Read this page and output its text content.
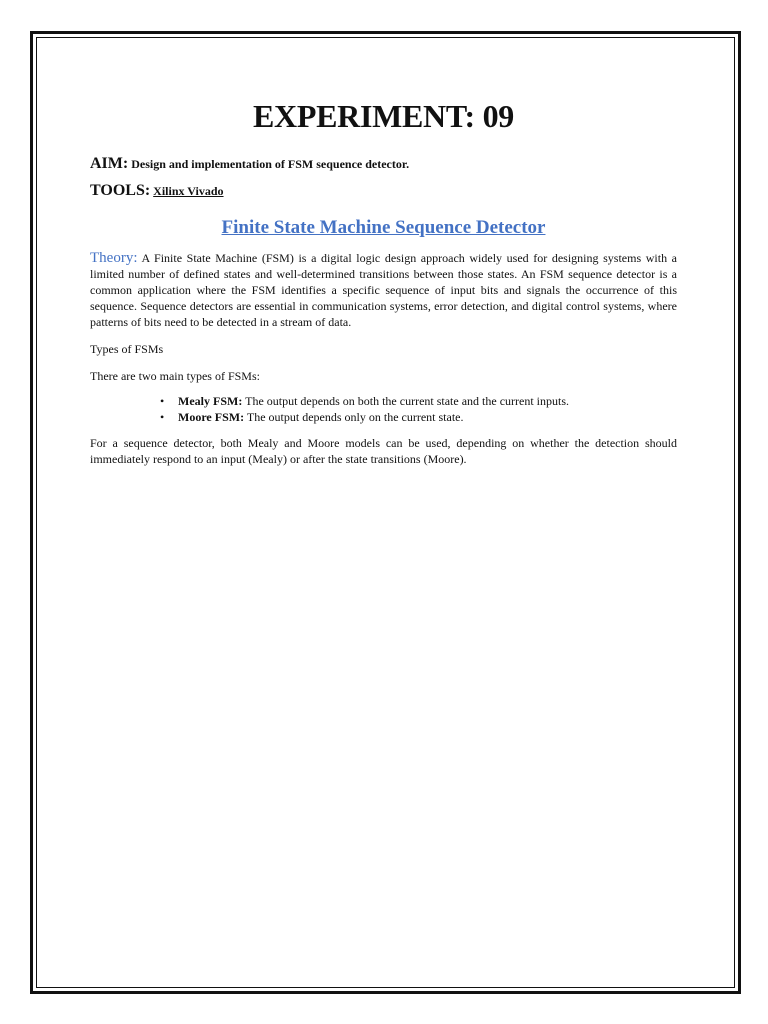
EXPERIMENT: 09
AIM: Design and implementation of FSM sequence detector.
TOOLS: Xilinx Vivado
Finite State Machine Sequence Detector

Theory: A Finite State Machine (FSM) is a digital logic design approach widely used for designing systems with a limited number of defined states and well-determined transitions between those states. An FSM sequence detector is a common application where the FSM identifies a specific sequence of input bits and signals the occurrence of this sequence. Sequence detectors are essential in communication systems, error detection, and digital control systems, where patterns of bits need to be detected in a stream of data.

Types of FSMs

There are two main types of FSMs:

• Mealy FSM: The output depends on both the current state and the current inputs.
• Moore FSM: The output depends only on the current state.

For a sequence detector, both Mealy and Moore models can be used, depending on whether the detection should immediately respond to an input (Mealy) or after the state transitions (Moore).
